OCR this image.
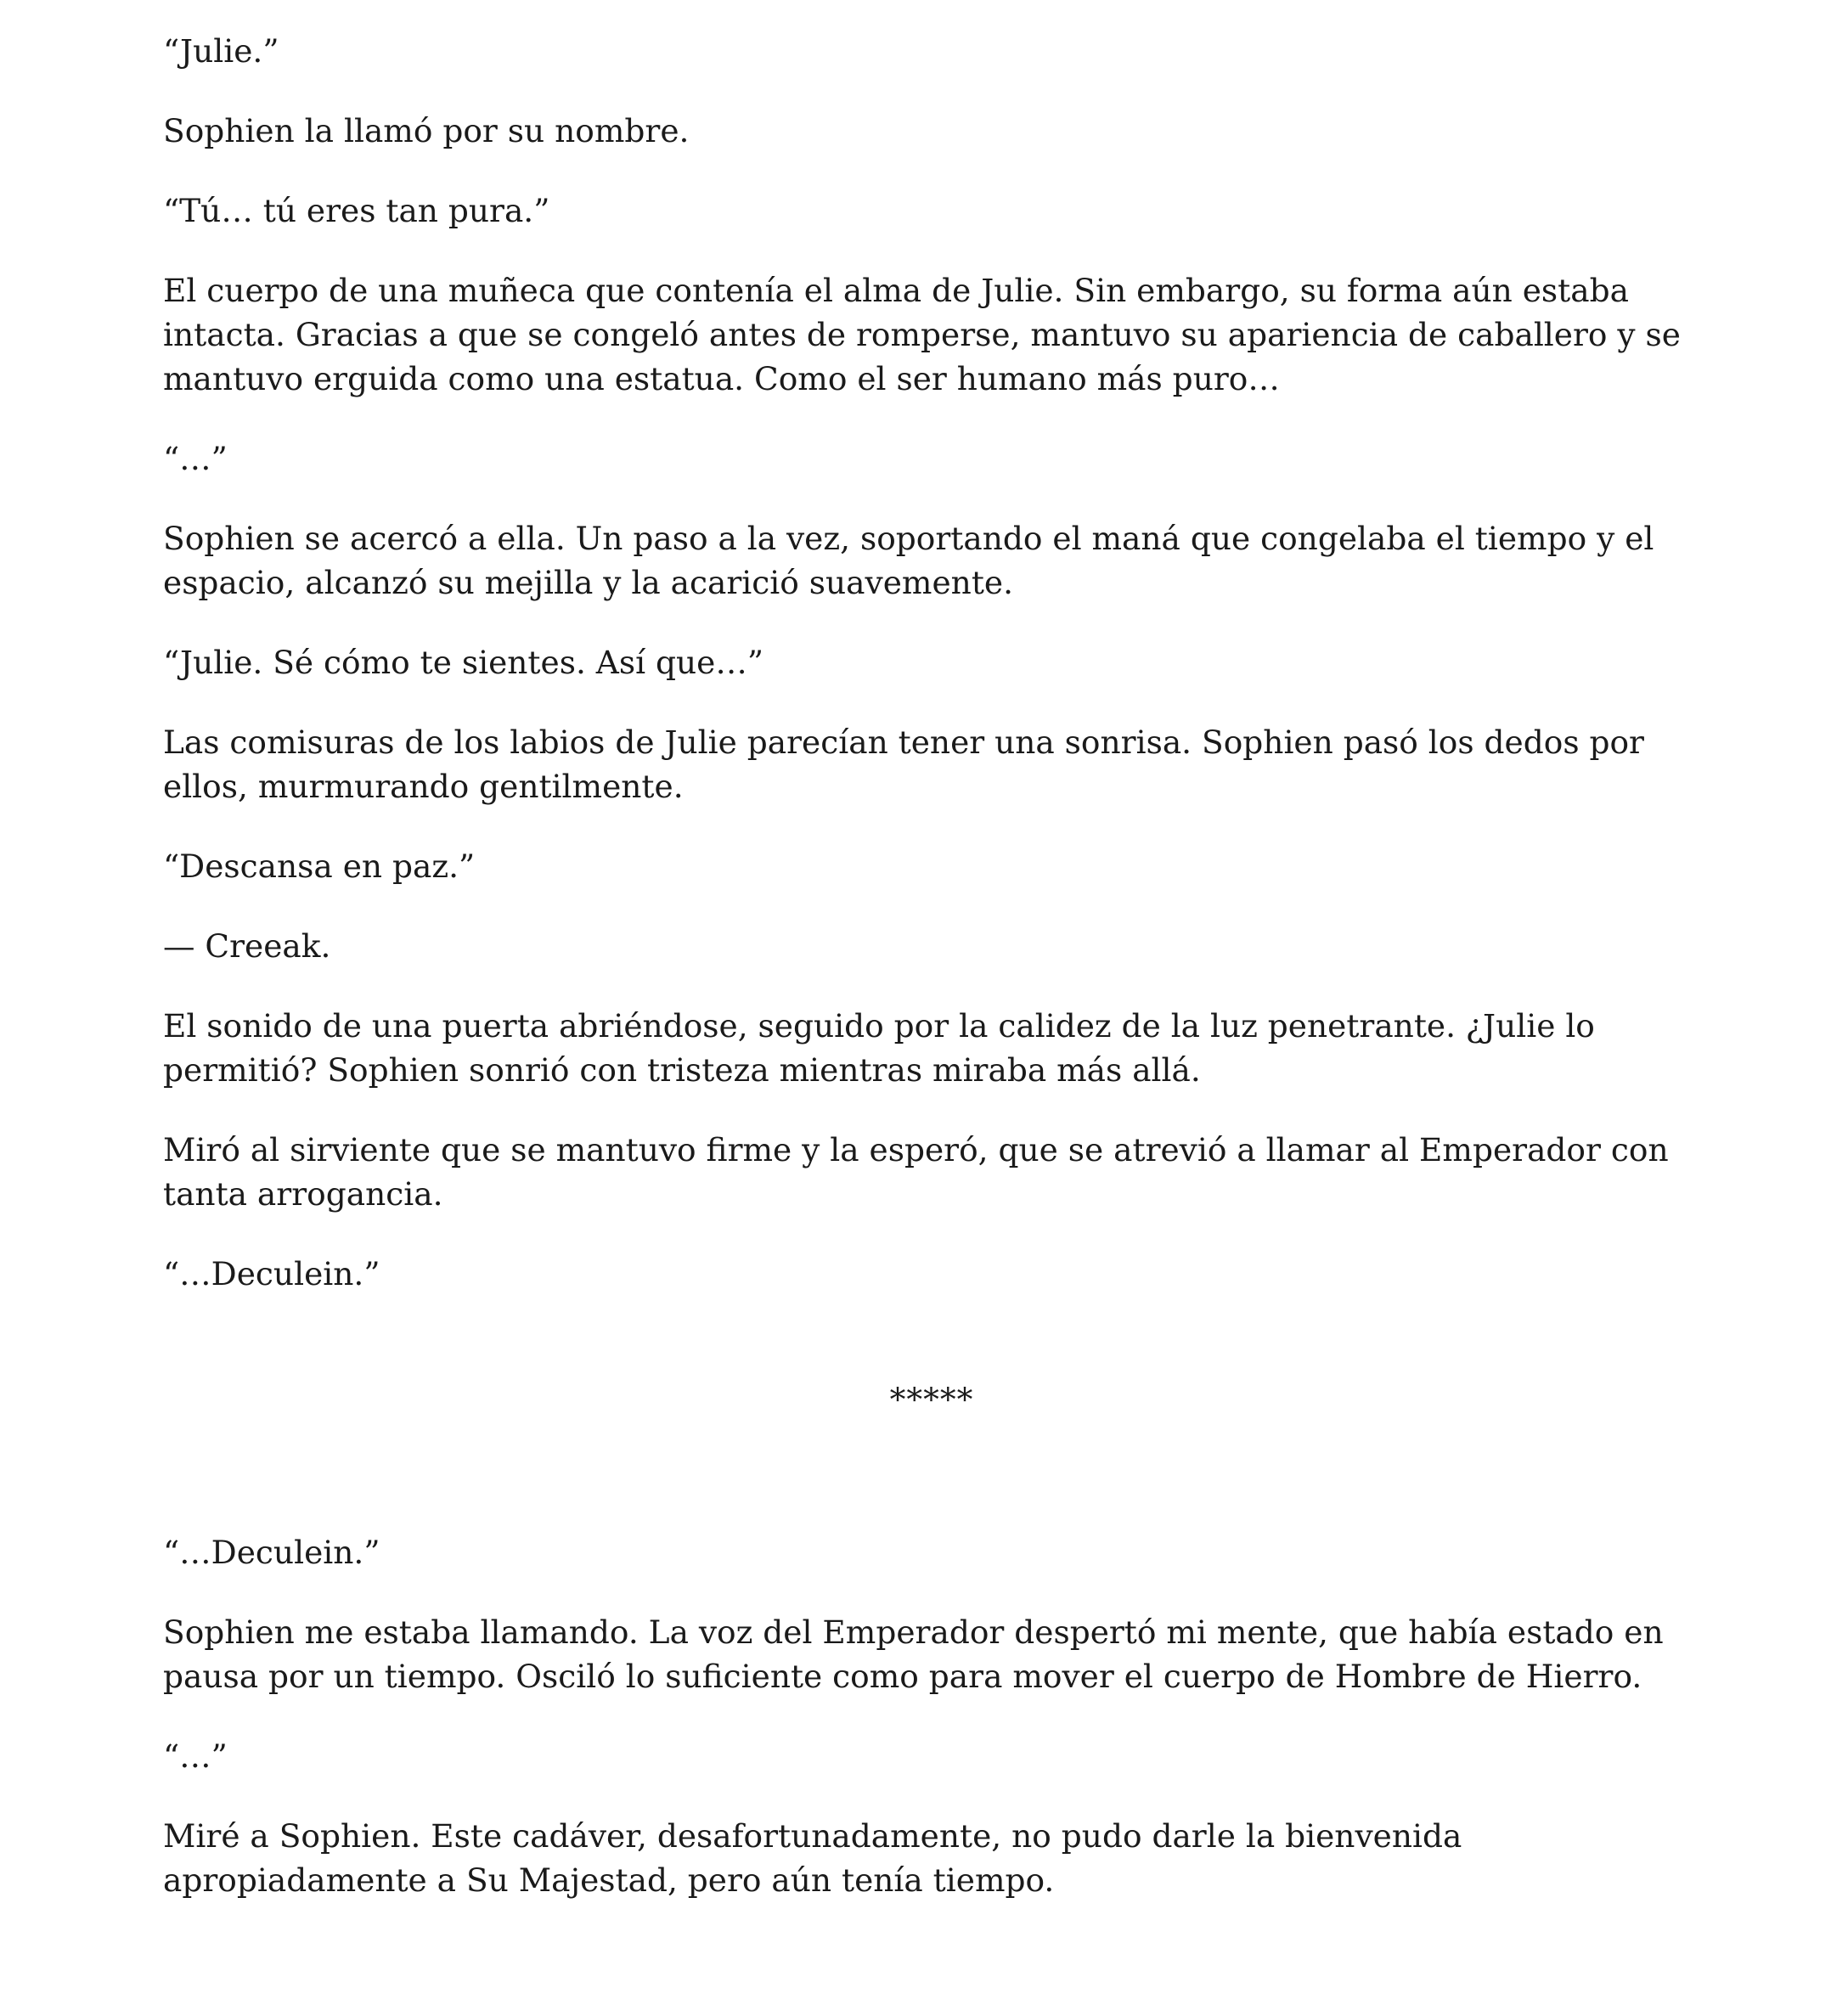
“Julie.”

Sophien la llamó por su nombre.

“Tú… tú eres tan pura.”

El cuerpo de una muñeca que contenía el alma de Julie. Sin embargo, su forma aún estaba intacta. Gracias a que se congeló antes de romperse, mantuvo su apariencia de caballero y se mantuvo erguida como una estatua. Como el ser humano más puro…

“…”

Sophien se acercó a ella. Un paso a la vez, soportando el maná que congelaba el tiempo y el espacio, alcanzó su mejilla y la acarició suavemente.

“Julie. Sé cómo te sientes. Así que…”

Las comisuras de los labios de Julie parecían tener una sonrisa. Sophien pasó los dedos por ellos, murmurando gentilmente.

“Descansa en paz.”

— Creeak.

El sonido de una puerta abriéndose, seguido por la calidez de la luz penetrante. ¿Julie lo permitió? Sophien sonrió con tristeza mientras miraba más allá.

Miró al sirviente que se mantuvo firme y la esperó, que se atrevió a llamar al Emperador con tanta arrogancia.

“…Deculein.”

*****

“…Deculein.”

Sophien me estaba llamando. La voz del Emperador despertó mi mente, que había estado en pausa por un tiempo. Osciló lo suficiente como para mover el cuerpo de Hombre de Hierro.

“…”

Miré a Sophien. Este cadáver, desafortunadamente, no pudo darle la bienvenida apropiadamente a Su Majestad, pero aún tenía tiempo.
